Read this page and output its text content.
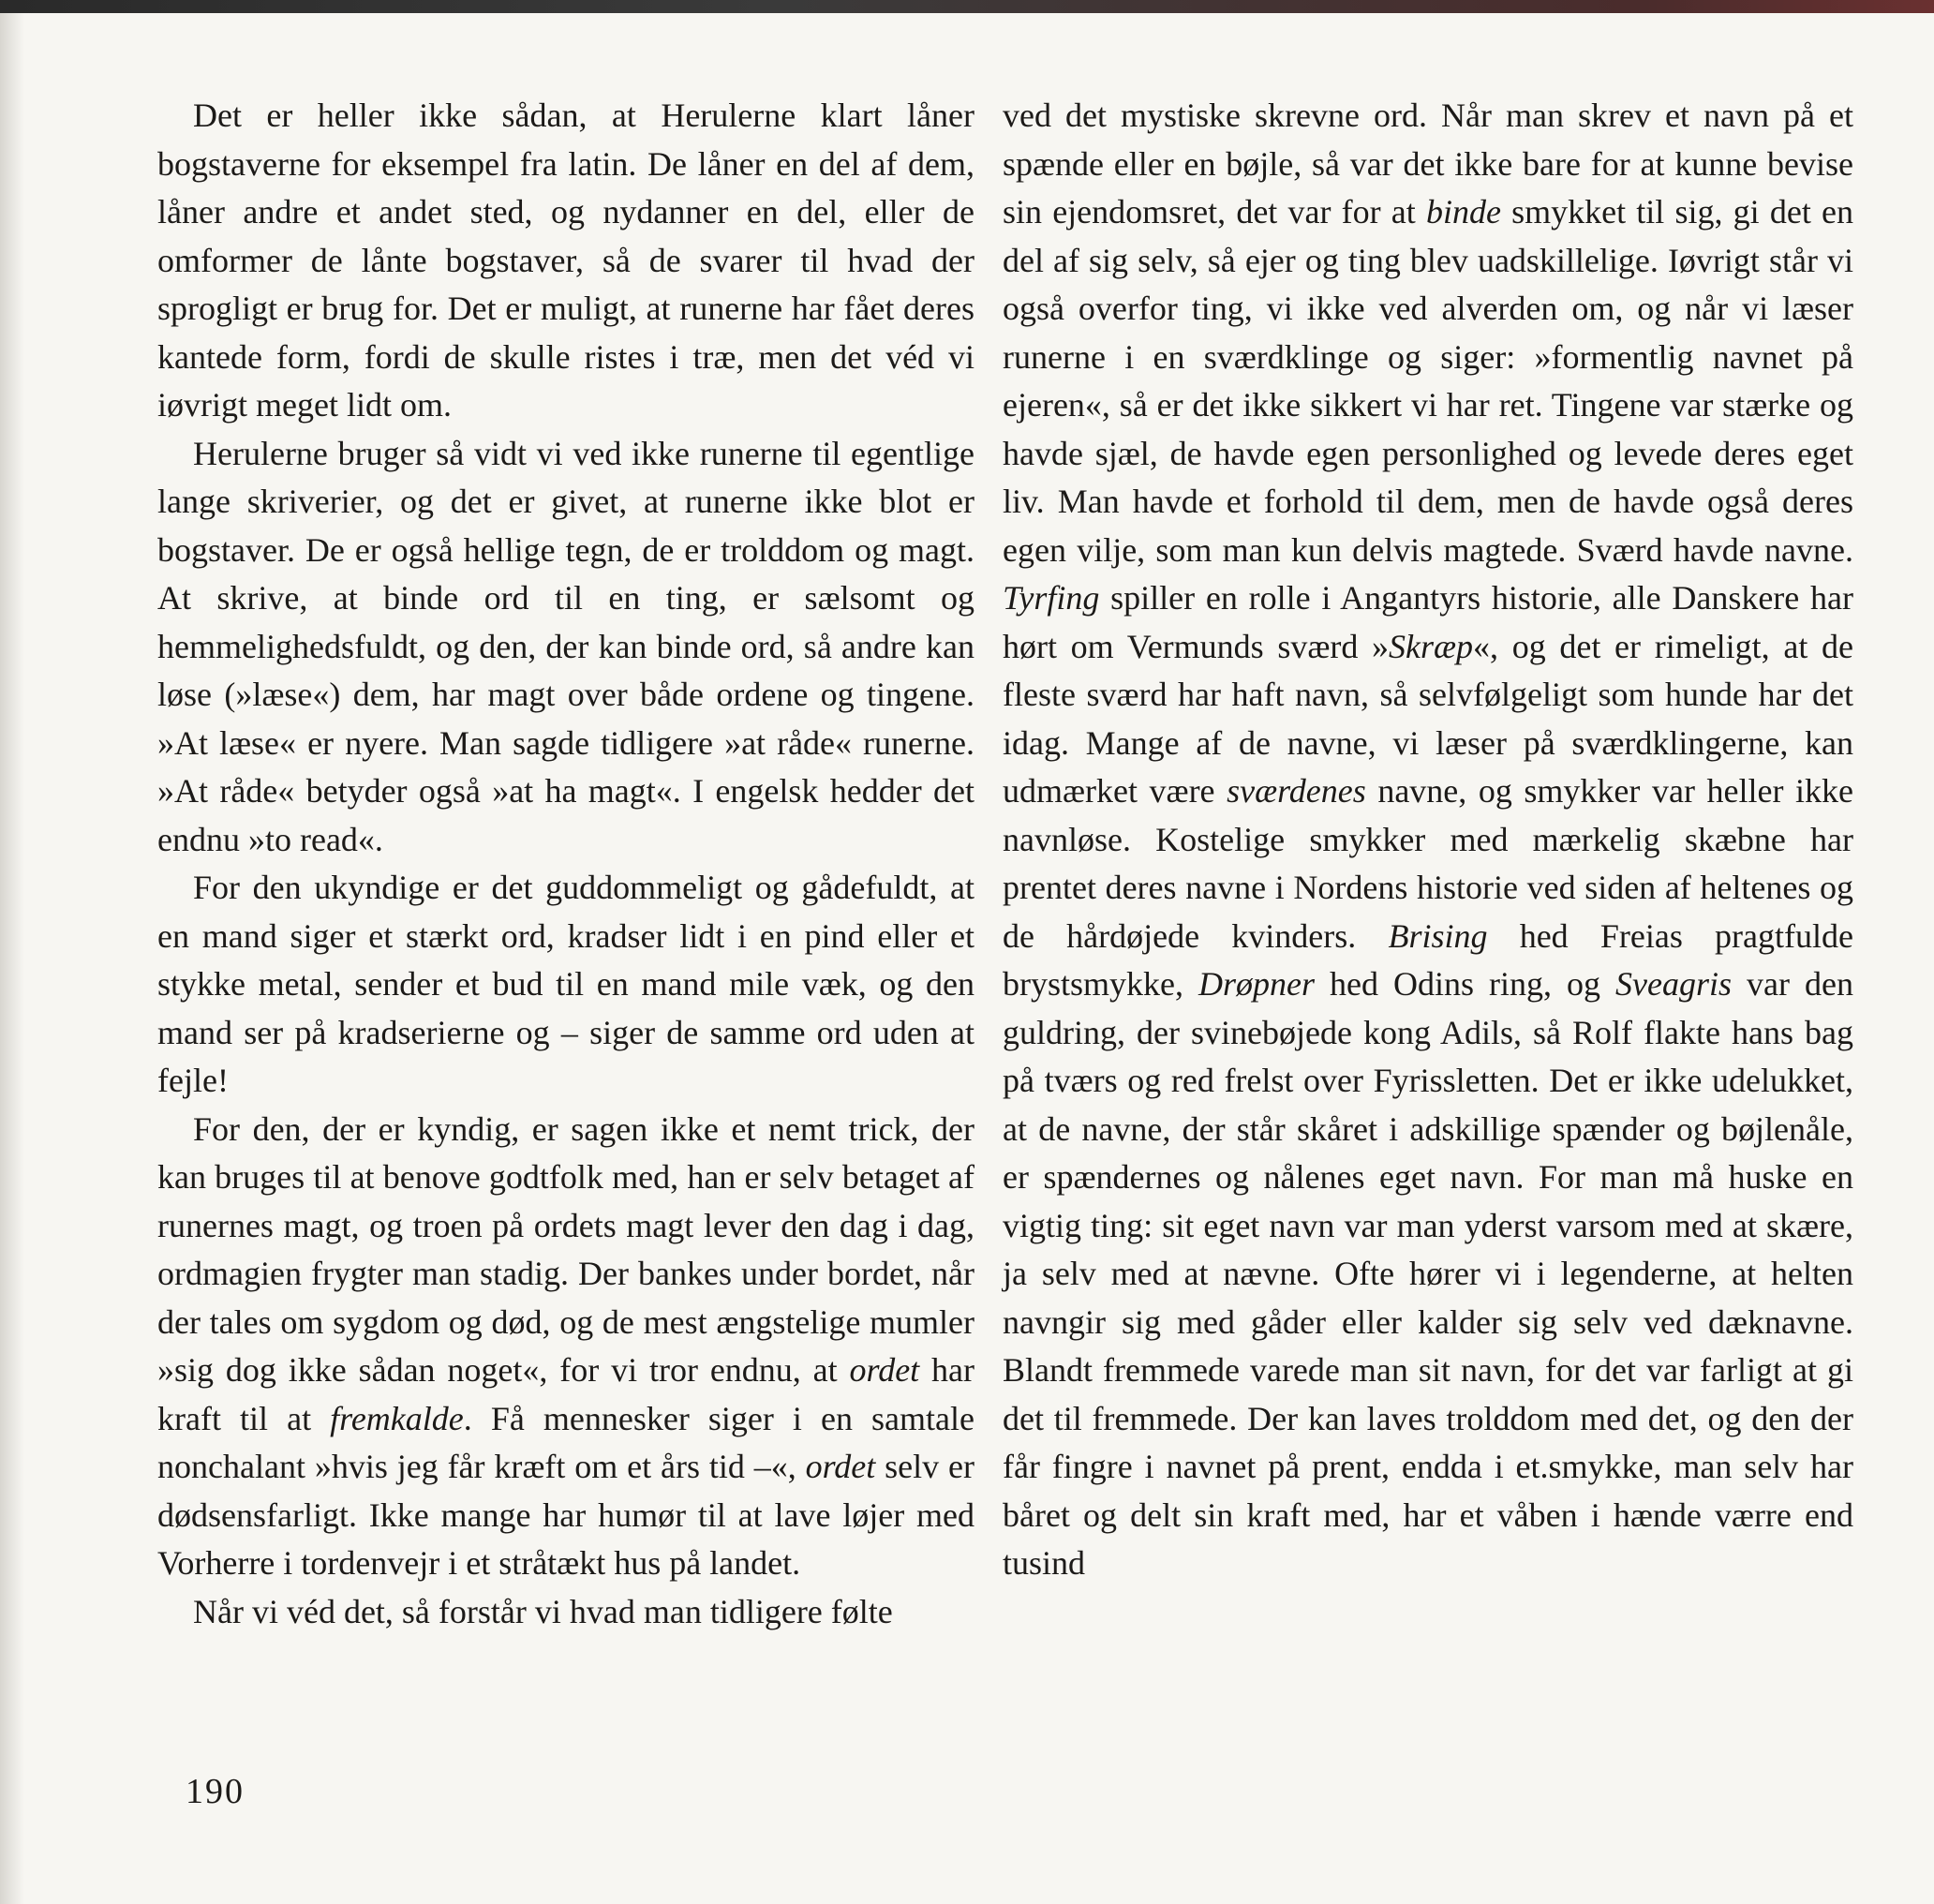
Det er heller ikke sådan, at Herulerne klart låner bogstaverne for eksempel fra latin. De låner en del af dem, låner andre et andet sted, og nydanner en del, eller de omformer de lånte bogstaver, så de svarer til hvad der sprogligt er brug for. Det er muligt, at runerne har fået deres kantede form, fordi de skulle ristes i træ, men det véd vi iøvrigt meget lidt om.

Herulerne bruger så vidt vi ved ikke runerne til egentlige lange skriverier, og det er givet, at runerne ikke blot er bogstaver. De er også hellige tegn, de er trolddom og magt. At skrive, at binde ord til en ting, er sælsomt og hemmelighedsfuldt, og den, der kan binde ord, så andre kan løse (»læse«) dem, har magt over både ordene og tingene. »At læse« er nyere. Man sagde tidligere »at råde« runerne. »At råde« betyder også »at ha magt«. I engelsk hedder det endnu »to read«.

For den ukyndige er det guddommeligt og gådefuldt, at en mand siger et stærkt ord, kradser lidt i en pind eller et stykke metal, sender et bud til en mand mile væk, og den mand ser på kradserierne og – siger de samme ord uden at fejle!

For den, der er kyndig, er sagen ikke et nemt trick, der kan bruges til at benove godtfolk med, han er selv betaget af runernes magt, og troen på ordets magt lever den dag i dag, ordmagien frygter man stadig. Der bankes under bordet, når der tales om sygdom og død, og de mest ængstelige mumler »sig dog ikke sådan noget«, for vi tror endnu, at ordet har kraft til at fremkalde. Få mennesker siger i en samtale nonchalant »hvis jeg får kræft om et års tid –«, ordet selv er dødsensfarligt. Ikke mange har humør til at lave løjer med Vorherre i tordenvejr i et stråtækt hus på landet.

Når vi véd det, så forstår vi hvad man tidligere følte

ved det mystiske skrevne ord. Når man skrev et navn på et spænde eller en bøjle, så var det ikke bare for at kunne bevise sin ejendomsret, det var for at binde smykket til sig, gi det en del af sig selv, så ejer og ting blev uadskillelige. Iøvrigt står vi også overfor ting, vi ikke ved alverden om, og når vi læser runerne i en sværdklinge og siger: »formentlig navnet på ejeren«, så er det ikke sikkert vi har ret. Tingene var stærke og havde sjæl, de havde egen personlighed og levede deres eget liv. Man havde et forhold til dem, men de havde også deres egen vilje, som man kun delvis magtede. Sværd havde navne. Tyrfing spiller en rolle i Angantyrs historie, alle Danskere har hørt om Vermunds sværd »Skræp«, og det er rimeligt, at de fleste sværd har haft navn, så selvfølgeligt som hunde har det idag. Mange af de navne, vi læser på sværdklingerne, kan udmærket være sværdenes navne, og smykker var heller ikke navnløse. Kostelige smykker med mærkelig skæbne har prentet deres navne i Nordens historie ved siden af heltenes og de hårdøjede kvinders. Brising hed Freias pragtfulde brystsmykke, Drøpner hed Odins ring, og Sveagris var den guldring, der svinebøjede kong Adils, så Rolf flakte hans bag på tværs og red frelst over Fyrissletten. Det er ikke udelukket, at de navne, der står skåret i adskillige spænder og bøjlenåle, er spændernes og nålenes eget navn. For man må huske en vigtig ting: sit eget navn var man yderst varsom med at skære, ja selv med at nævne. Ofte hører vi i legenderne, at helten navngir sig med gåder eller kalder sig selv ved dæknavne. Blandt fremmede varede man sit navn, for det var farligt at gi det til fremmede. Der kan laves trolddom med det, og den der får fingre i navnet på prent, endda i et.smykke, man selv har båret og delt sin kraft med, har et våben i hænde værre end tusind

190
